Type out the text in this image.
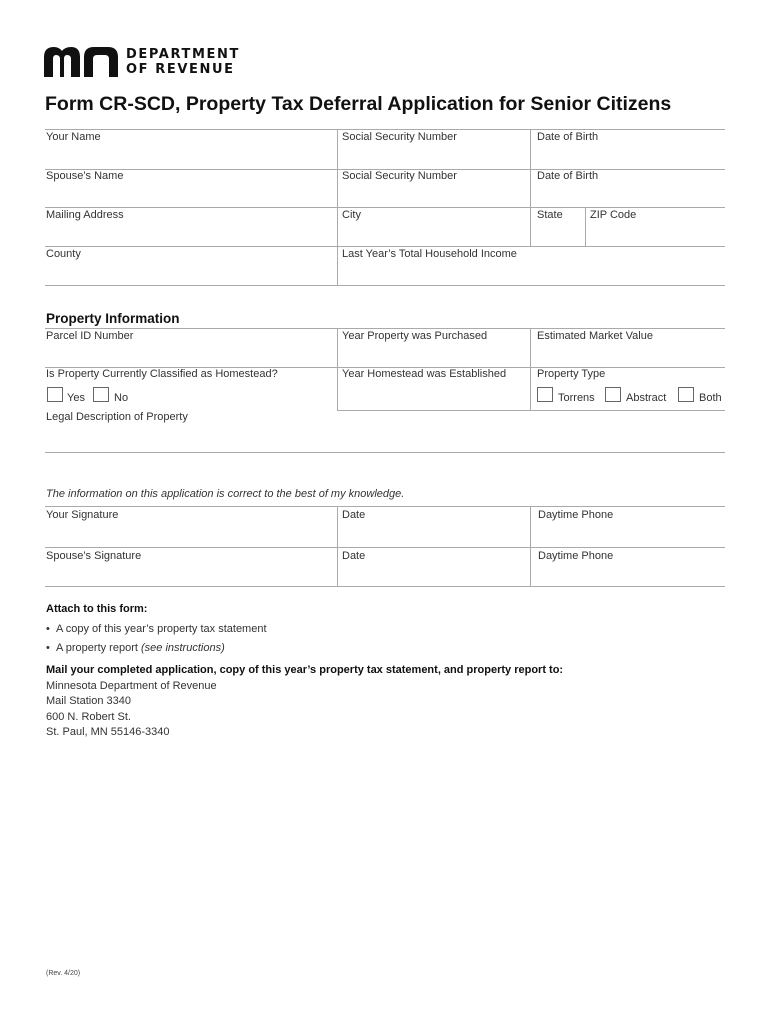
DEPARTMENT
OF REVENUE
Form CR-SCD, Property Tax Deferral Application for Senior Citizens
Your Name	Social Security Number	Date of Birth
Spouse’s Name	Social Security Number	Date of Birth
Mailing Address	City	State ZIP Code
County	Last Year’s Total Household Income
Property Information
Parcel ID Number	Year Property was Purchased	Estimated Market Value
Is Property Currently Classified as Homestead?
Yes	No
Year Homestead was Established	Property Type
Torrens	Abstract	Both
Legal Description of Property
The information on this application is correct to the best of my knowledge.
Your Signature	Date	Daytime Phone
Spouse’s Signature	Date	Daytime Phone
Attach to this form:
• A copy of this year’s property tax statement
• A property report (see instructions)
Mail your completed application, copy of this year’s property tax statement, and property report to:
Minnesota Department of Revenue
Mail Station 3340
600 N. Robert St.
St. Paul, MN 55146-3340
(Rev. 4/20)
